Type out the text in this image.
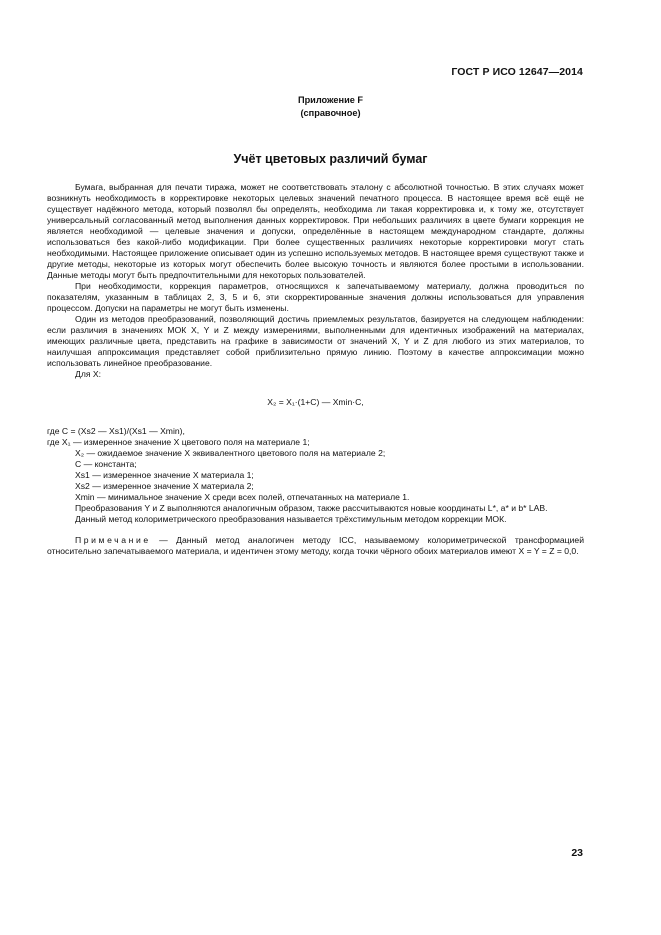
ГОСТ Р ИСО 12647—2014
Приложение F
(справочное)
Учёт цветовых различий бумаг

Бумага, выбранная для печати тиража, может не соответствовать эталону с абсолютной точностью. В этих случаях может возникнуть необходимость в корректировке некоторых целевых значений печатного процесса. В настоящее время всё ещё не существует надёжного метода, который позволял бы определять, необходима ли такая корректировка и, к тому же, отсутствует универсальный согласованный метод выполнения данных корректировок. При небольших различиях в цвете бумаги коррекция не является необходимой — целевые значения и допуски, определённые в настоящем международном стандарте, должны использоваться без какой-либо модификации. При более существенных различиях некоторые корректировки могут стать необходимыми. Настоящее приложение описывает один из успешно используемых методов. В настоящее время существуют также и другие методы, некоторые из которых могут обеспечить более высокую точность и являются более простыми в использовании. Данные методы могут быть предпочтительными для некоторых пользователей.

При необходимости, коррекция параметров, относящихся к запечатываемому материалу, должна проводиться по показателям, указанным в таблицах 2, 3, 5 и 6, эти скорректированные значения должны использоваться для управления процессом. Допуски на параметры не могут быть изменены.

Один из методов преобразований, позволяющий достичь приемлемых результатов, базируется на следующем наблюдении: если различия в значениях МОК X, Y и Z между измерениями, выполненными для идентичных изображений на материалах, имеющих различные цвета, представить на графике в зависимости от значений X, Y и Z для любого из этих материалов, то наилучшая аппроксимация представляет собой приблизительно прямую линию. Поэтому в качестве аппроксимации можно использовать линейное преобразование.

Для X:

X₂ = X₁·(1+C) — Xmin·C,

где C = (Xs2 — Xs1)/(Xs1 — Xmin),
где X₁ — измеренное значение X цветового поля на материале 1;
X₂ — ожидаемое значение X эквивалентного цветового поля на материале 2;
C — константа;
Xs1 — измеренное значение X материала 1;
Xs2 — измеренное значение X материала 2;
Xmin — минимальное значение X среди всех полей, отпечатанных на материале 1.

Преобразования Y и Z выполняются аналогичным образом, также рассчитываются новые координаты L*, a* и b* LAB.

Данный метод колориметрического преобразования называется трёхстимульным методом коррекции МОК.

Примечание — Данный метод аналогичен методу ICC, называемому колориметрической трансформацией относительно запечатываемого материала, и идентичен этому методу, когда точки чёрного обоих материалов имеют X = Y = Z = 0,0.

23
